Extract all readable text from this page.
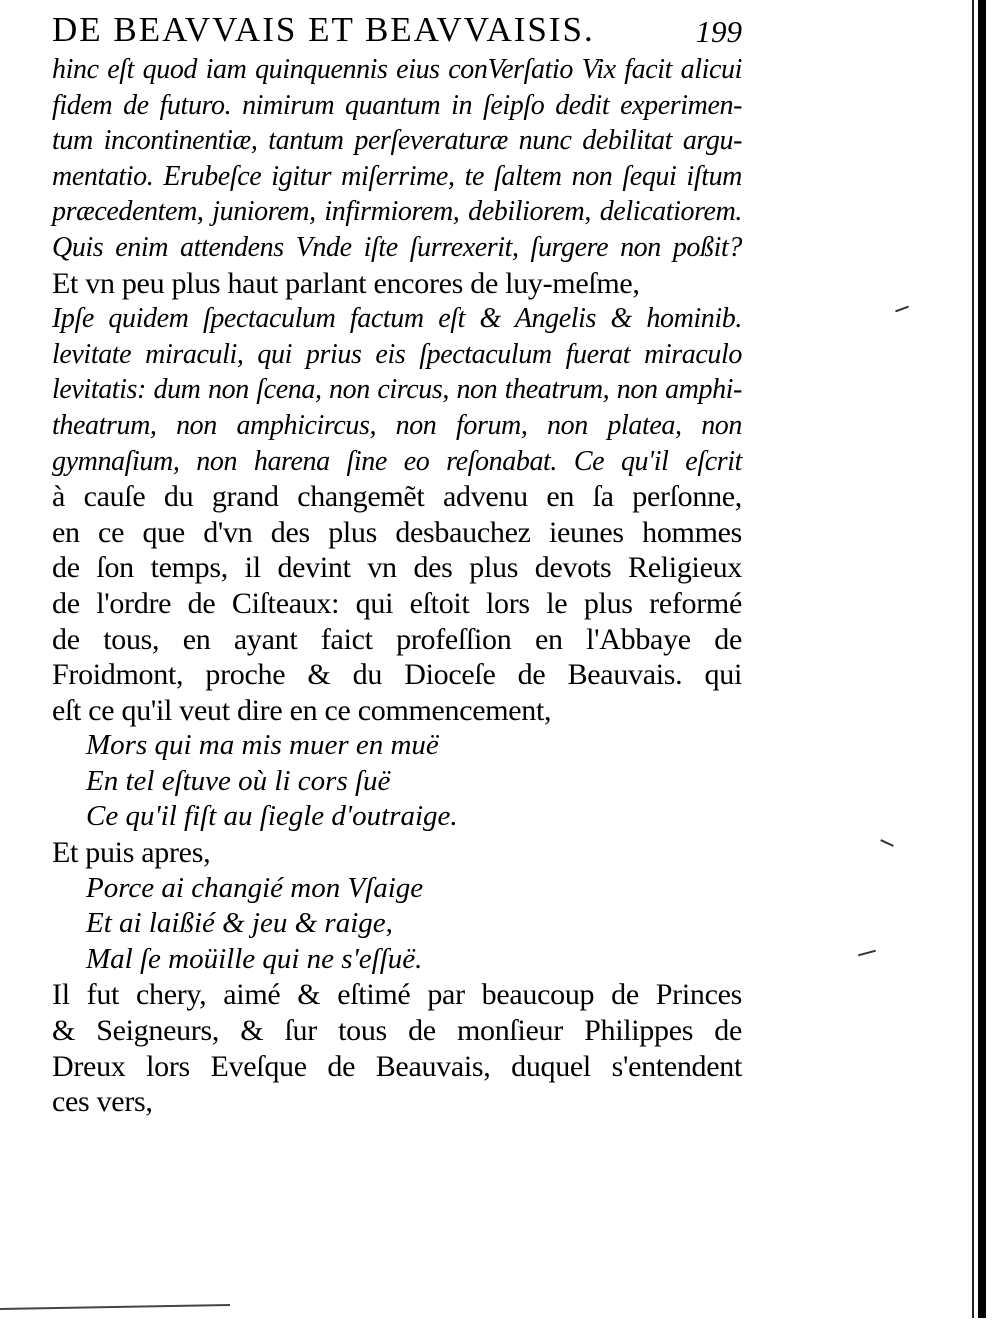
DE BEAVVAIS ET BEAVVAISIS.	199
hinc eſt quod iam quinquennis eius conVerſatio Vix facit alicui
fidem de futuro. nimirum quantum in ſeipſo dedit experimen-
tum incontinentiæ, tantum perſeveraturæ nunc debilitat argu-
mentatio. Erubeſce igitur miſerrime, te ſaltem non ſequi iſtum
præcedentem, juniorem, infirmiorem, debiliorem, delicatiorem.
Quis enim attendens Vnde iſte ſurrexerit, ſurgere non poßit?
Et vn peu plus haut parlant encores de luy-meſme,
Ipſe quidem ſpectaculum factum eſt & Angelis & hominib.
levitate miraculi, qui prius eis ſpectaculum fuerat miraculo
levitatis: dum non ſcena, non circus, non theatrum, non amphi-
theatrum, non amphicircus, non forum, non platea, non
gymnaſium, non harena ſine eo reſonabat. Ce qu'il eſcrit
à cauſe du grand changemẽt advenu en ſa perſonne,
en ce que d'vn des plus desbauchez ieunes hommes
de ſon temps, il devint vn des plus devots Religieux
de l'ordre de Ciſteaux: qui eſtoit lors le plus reformé
de tous, en ayant faict profeſſion en l'Abbaye de
Froidmont, proche & du Dioceſe de Beauvais. qui
eſt ce qu'il veut dire en ce commencement,
Mors qui ma mis muer en muë
En tel eſtuve où li cors ſuë
Ce qu'il fiſt au ſiegle d'outraige.
Et puis apres,
Porce ai changié mon Vſaige
Et ai laißié & jeu & raige,
Mal ſe moüille qui ne s'eſſuë.
Il fut chery, aimé & eſtimé par beaucoup de Princes
& Seigneurs, & ſur tous de monſieur Philippes de
Dreux lors Eveſque de Beauvais, duquel s'entendent
ces vers,
